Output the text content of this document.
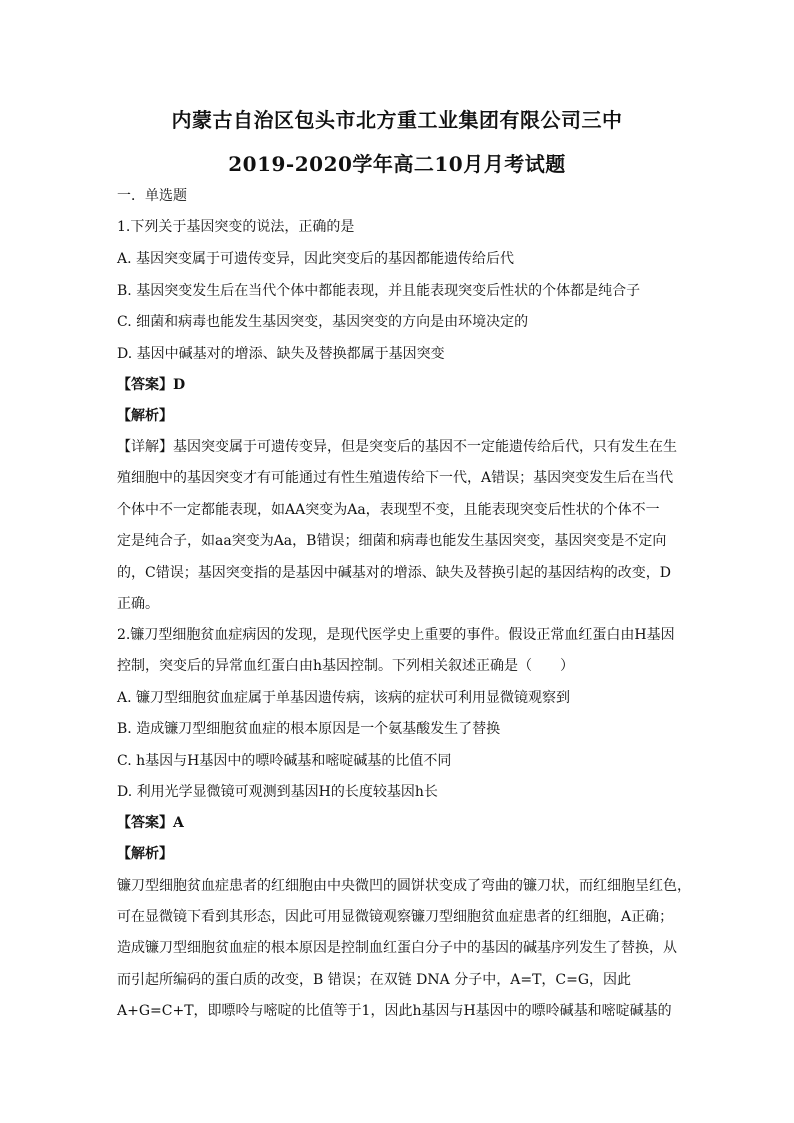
内蒙古自治区包头市北方重工业集团有限公司三中
2019-2020学年高二10月月考试题
一．单选题
1.下列关于基因突变的说法，正确的是
A. 基因突变属于可遗传变异，因此突变后的基因都能遗传给后代
B. 基因突变发生后在当代个体中都能表现，并且能表现突变后性状的个体都是纯合子
C. 细菌和病毒也能发生基因突变，基因突变的方向是由环境决定的
D. 基因中碱基对的增添、缺失及替换都属于基因突变
【答案】D
【解析】
【详解】基因突变属于可遗传变异，但是突变后的基因不一定能遗传给后代，只有发生在生
殖细胞中的基因突变才有可能通过有性生殖遗传给下一代，A错误；基因突变发生后在当代
个体中不一定都能表现，如AA突变为Aa，表现型不变，且能表现突变后性状的个体不一
定是纯合子，如aa突变为Aa，B错误；细菌和病毒也能发生基因突变，基因突变是不定向
的，C错误；基因突变指的是基因中碱基对的增添、缺失及替换引起的基因结构的改变，D
正确。
2.镰刀型细胞贫血症病因的发现，是现代医学史上重要的事件。假设正常血红蛋白由H基因
控制，突变后的异常血红蛋白由h基因控制。下列相关叙述正确是（　　）
A. 镰刀型细胞贫血症属于单基因遗传病，该病的症状可利用显微镜观察到
B. 造成镰刀型细胞贫血症的根本原因是一个氨基酸发生了替换
C. h基因与H基因中的嘌呤碱基和嘧啶碱基的比值不同
D. 利用光学显微镜可观测到基因H的长度较基因h长
【答案】A
【解析】
镰刀型细胞贫血症患者的红细胞由中央微凹的圆饼状变成了弯曲的镰刀状，而红细胞呈红色，
可在显微镜下看到其形态，因此可用显微镜观察镰刀型细胞贫血症患者的红细胞，A正确；
造成镰刀型细胞贫血症的根本原因是控制血红蛋白分子中的基因的碱基序列发生了替换，从
而引起所编码的蛋白质的改变，B 错误；在双链 DNA 分子中，A=T，C=G，因此
A+G=C+T，即嘌呤与嘧啶的比值等于1，因此h基因与H基因中的嘌呤碱基和嘧啶碱基的
